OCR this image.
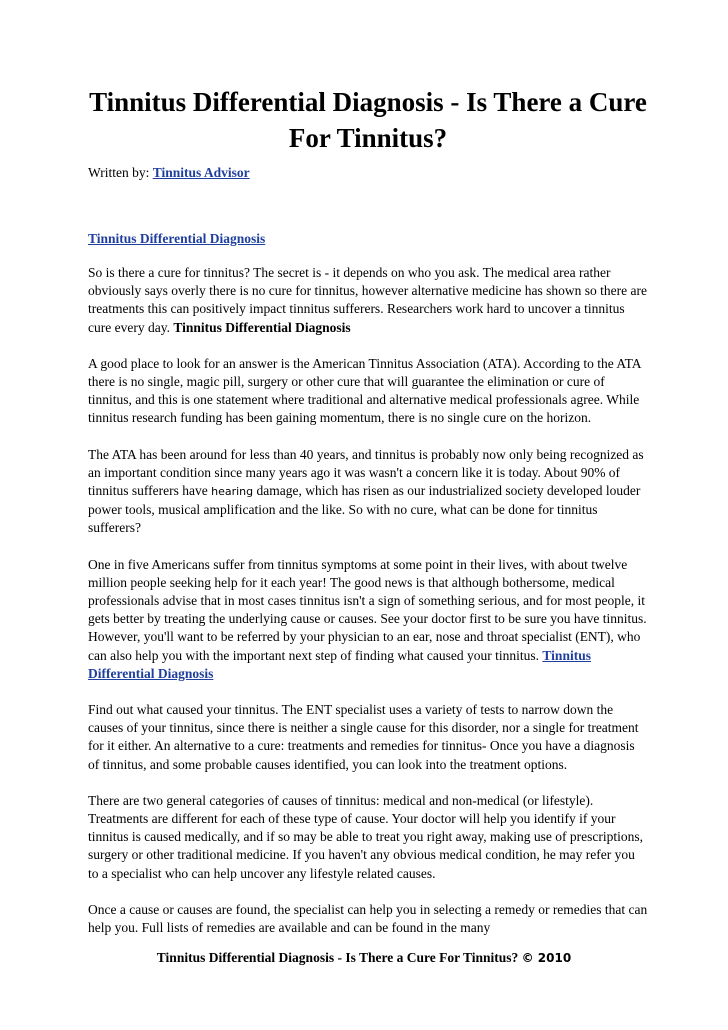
Tinnitus Differential Diagnosis - Is There a Cure For Tinnitus?
Written by: Tinnitus Advisor
Tinnitus Differential Diagnosis

So is there a cure for tinnitus? The secret is - it depends on who you ask. The medical area rather obviously says overly there is no cure for tinnitus, however alternative medicine has shown so there are treatments this can positively impact tinnitus sufferers. Researchers work hard to uncover a tinnitus cure every day. Tinnitus Differential Diagnosis

A good place to look for an answer is the American Tinnitus Association (ATA). According to the ATA there is no single, magic pill, surgery or other cure that will guarantee the elimination or cure of tinnitus, and this is one statement where traditional and alternative medical professionals agree. While tinnitus research funding has been gaining momentum, there is no single cure on the horizon.

The ATA has been around for less than 40 years, and tinnitus is probably now only being recognized as an important condition since many years ago it was wasn't a concern like it is today. About 90% of tinnitus sufferers have hearing damage, which has risen as our industrialized society developed louder power tools, musical amplification and the like. So with no cure, what can be done for tinnitus sufferers?

One in five Americans suffer from tinnitus symptoms at some point in their lives, with about twelve million people seeking help for it each year! The good news is that although bothersome, medical professionals advise that in most cases tinnitus isn't a sign of something serious, and for most people, it gets better by treating the underlying cause or causes. See your doctor first to be sure you have tinnitus. However, you'll want to be referred by your physician to an ear, nose and throat specialist (ENT), who can also help you with the important next step of finding what caused your tinnitus. Tinnitus Differential Diagnosis

Find out what caused your tinnitus. The ENT specialist uses a variety of tests to narrow down the causes of your tinnitus, since there is neither a single cause for this disorder, nor a single for treatment for it either. An alternative to a cure: treatments and remedies for tinnitus- Once you have a diagnosis of tinnitus, and some probable causes identified, you can look into the treatment options.

There are two general categories of causes of tinnitus: medical and non-medical (or lifestyle). Treatments are different for each of these type of cause. Your doctor will help you identify if your tinnitus is caused medically, and if so may be able to treat you right away, making use of prescriptions, surgery or other traditional medicine. If you haven't any obvious medical condition, he may refer you to a specialist who can help uncover any lifestyle related causes.

Once a cause or causes are found, the specialist can help you in selecting a remedy or remedies that can help you. Full lists of remedies are available and can be found in the many

Tinnitus Differential Diagnosis - Is There a Cure For Tinnitus? © 2010
